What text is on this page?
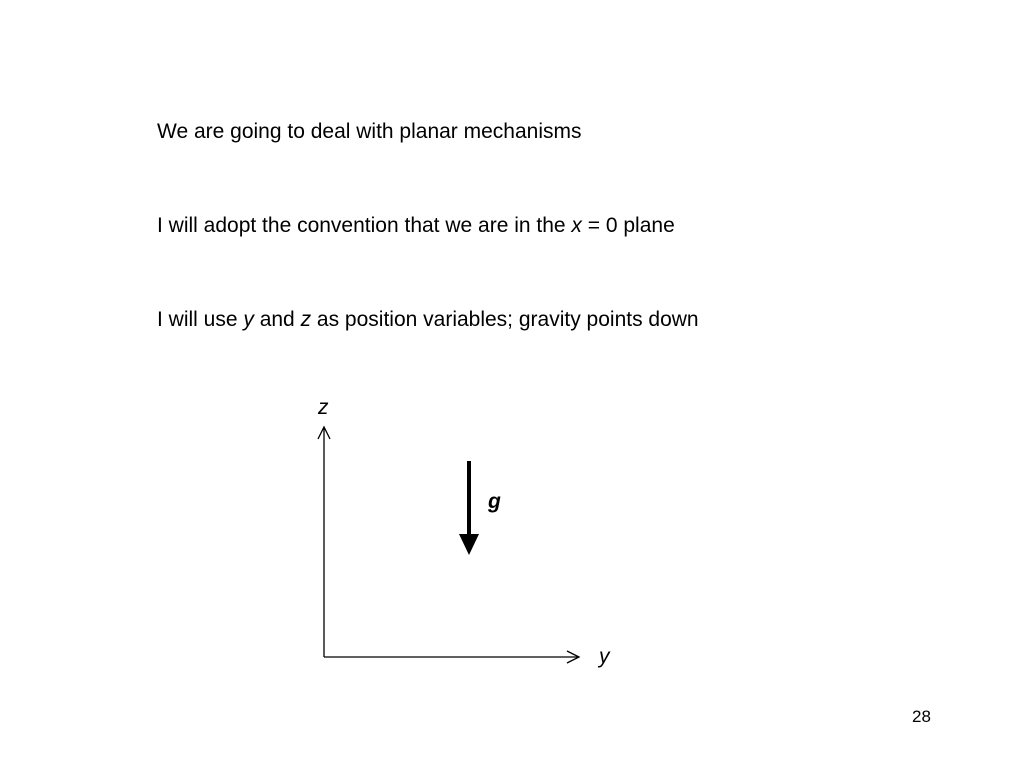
We are going to deal with planar mechanisms
I will adopt the convention that we are in the x = 0 plane
I will use y and z as position variables; gravity points down
z
y
g
28
